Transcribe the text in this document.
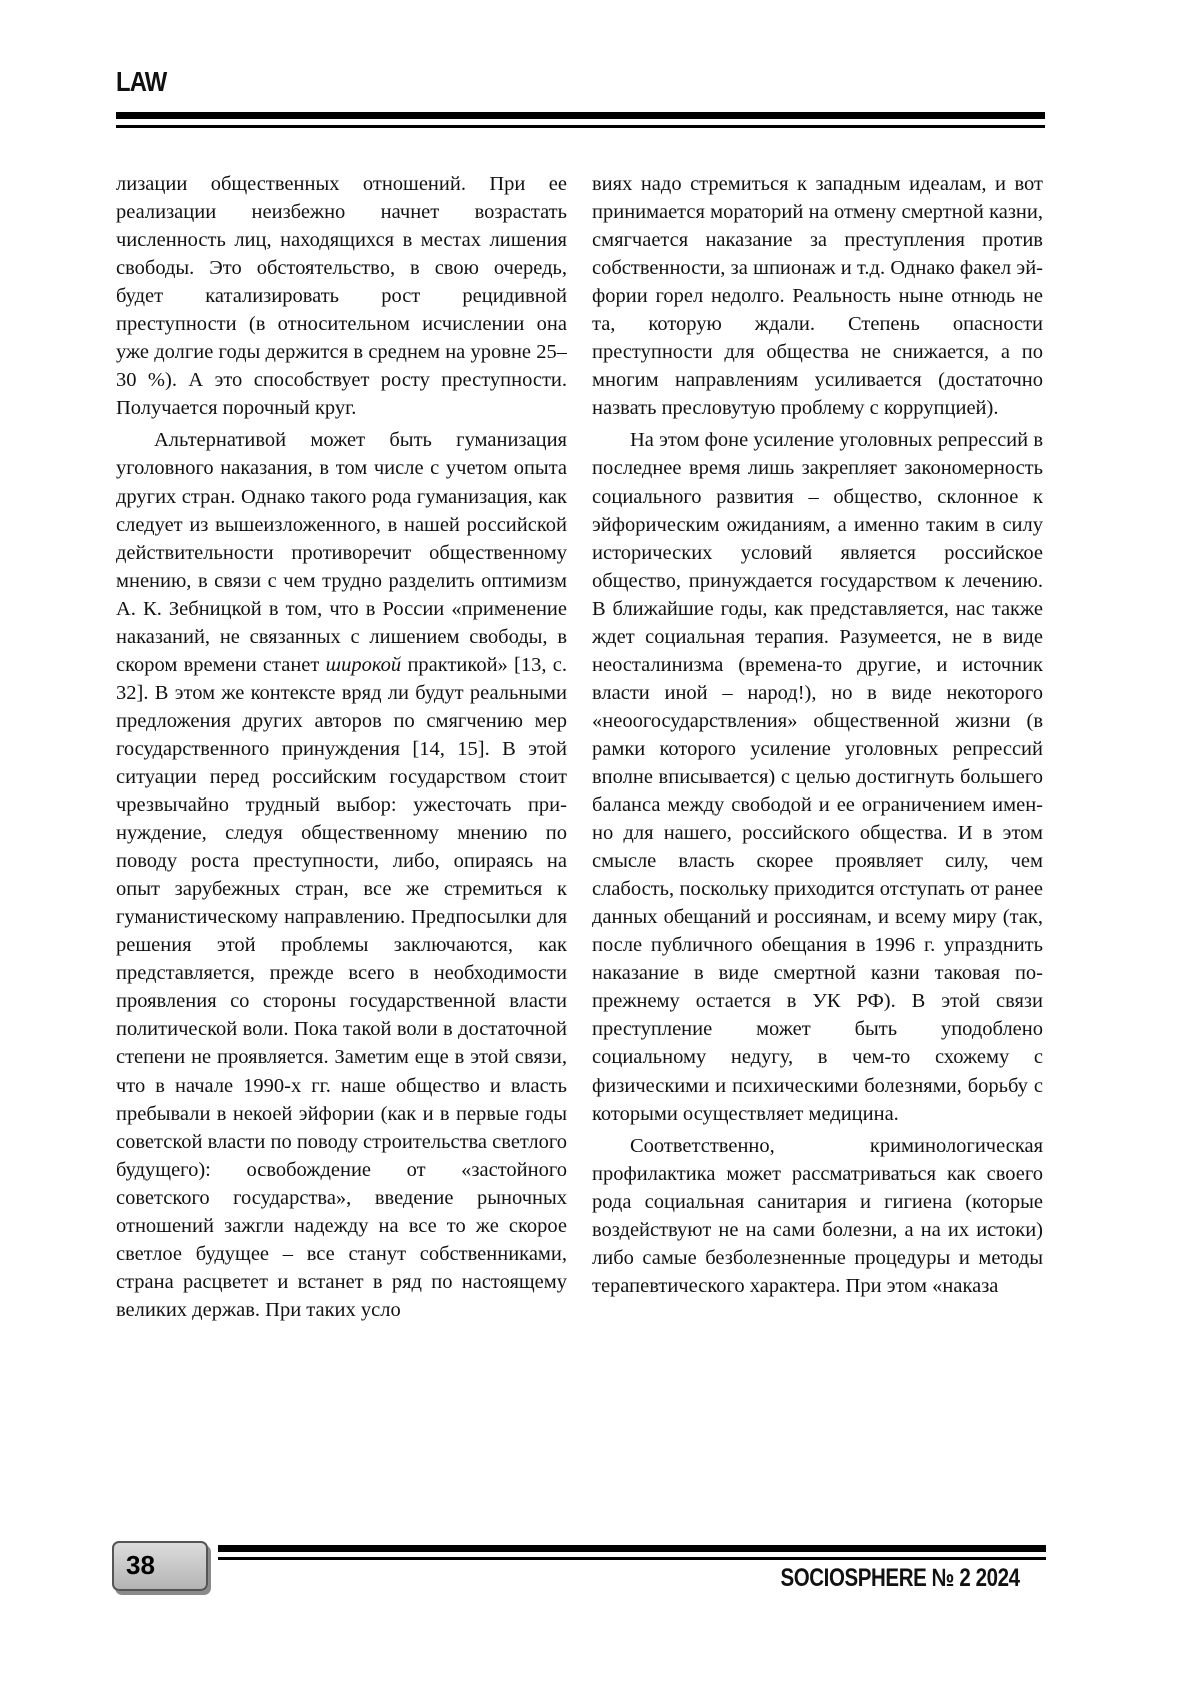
LAW

лизации общественных отношений. При ее реализации неизбежно начнет возрастать численность лиц, находящихся в местах лишения свободы. Это обстоятельство, в свою очередь, будет катализировать рост рецидивной преступности (в относительном исчислении она уже долгие годы держится в среднем на уровне 25–30 %). А это способствует росту преступности. Получается порочный круг.

Альтернативой может быть гуманизация уголовного наказания, в том числе с учетом опыта других стран. Однако такого рода гуманизация, как следует из вышеизложенного, в нашей российской действительности противоречит общественному мнению, в связи с чем трудно разделить оптимизм А. К. Зебницкой в том, что в России «применение наказаний, не связанных с лишением свободы, в скором времени станет широкой практикой» [13, с. 32]. В этом же контексте вряд ли будут реальными предложения других авторов по смягчению мер государственного принуждения [14, 15]. В этой ситуации перед российским государством стоит чрезвычайно трудный выбор: ужесточать принуждение, следуя общественному мнению по поводу роста преступности, либо, опираясь на опыт зарубежных стран, все же стремиться к гуманистическому направлению. Предпосылки для решения этой проблемы заключаются, как представляется, прежде всего в необходимости проявления со стороны государственной власти политической воли. Пока такой воли в достаточной степени не проявляется. Заметим еще в этой связи, что в начале 1990-х гг. наше общество и власть пребывали в некоей эйфории (как и в первые годы советской власти по поводу строительства светлого будущего): освобождение от «застойного советского государства», введение рыночных отношений зажгли надежду на все то же скорое светлое будущее – все станут собственниками, страна расцветет и встанет в ряд по настоящему великих держав. При таких усло

виях надо стремиться к западным идеалам, и вот принимается мораторий на отмену смертной казни, смягчается наказание за преступления против собственности, за шпионаж и т.д. Однако факел эйфории горел недолго. Реальность ныне отнюдь не та, которую ждали. Степень опасности преступности для общества не снижается, а по многим направлениям усиливается (достаточно назвать пресловутую проблему с коррупцией).

На этом фоне усиление уголовных репрессий в последнее время лишь закрепляет закономерность социального развития – общество, склонное к эйфорическим ожиданиям, а именно таким в силу исторических условий является российское общество, принуждается государством к лечению. В ближайшие годы, как представляется, нас также ждет социальная терапия. Разумеется, не в виде неосталинизма (времена-то другие, и источник власти иной – народ!), но в виде некоторого «неоогосударствления» общественной жизни (в рамки которого усиление уголовных репрессий вполне вписывается) с целью достигнуть большего баланса между свободой и ее ограничением именно для нашего, российского общества. И в этом смысле власть скорее проявляет силу, чем слабость, поскольку приходится отступать от ранее данных обещаний и россиянам, и всему миру (так, после публичного обещания в 1996 г. упразднить наказание в виде смертной казни таковая по-прежнему остается в УК РФ). В этой связи преступление может быть уподоблено социальному недугу, в чем-то схожему с физическими и психическими болезнями, борьбу с которыми осуществляет медицина.

Соответственно, криминологическая профилактика может рассматриваться как своего рода социальная санитария и гигиена (которые воздействуют не на сами болезни, а на их истоки) либо самые безболезненные процедуры и методы терапевтического характера. При этом «наказа

38	SOCIOSPHERE № 2 2024
